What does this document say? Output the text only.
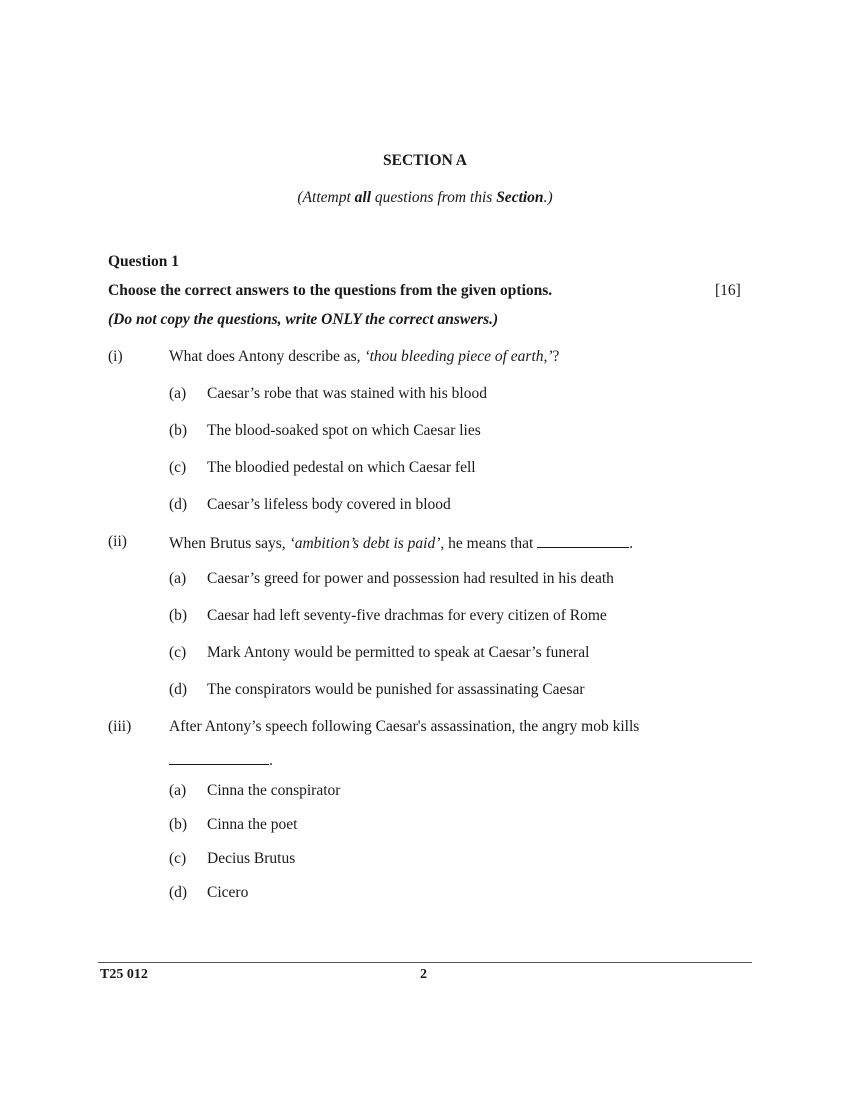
SECTION A
(Attempt all questions from this Section.)
Question 1
Choose the correct answers to the questions from the given options.	[16]
(Do not copy the questions, write ONLY the correct answers.)
(i)	What does Antony describe as, ‘thou bleeding piece of earth,’?
(a) Caesar’s robe that was stained with his blood
(b) The blood-soaked spot on which Caesar lies
(c) The bloodied pedestal on which Caesar fell
(d) Caesar’s lifeless body covered in blood
(ii)	When Brutus says, ‘ambition’s debt is paid’, he means that	.
(a) Caesar’s greed for power and possession had resulted in his death
(b) Caesar had left seventy-five drachmas for every citizen of Rome
(c) Mark Antony would be permitted to speak at Caesar’s funeral
(d) The conspirators would be punished for assassinating Caesar
(iii) After Antony’s speech following Caesar's assassination, the angry mob kills
.
(a) Cinna the conspirator
(b) Cinna the poet
(c) Decius Brutus
(d) Cicero
T25 012	2
